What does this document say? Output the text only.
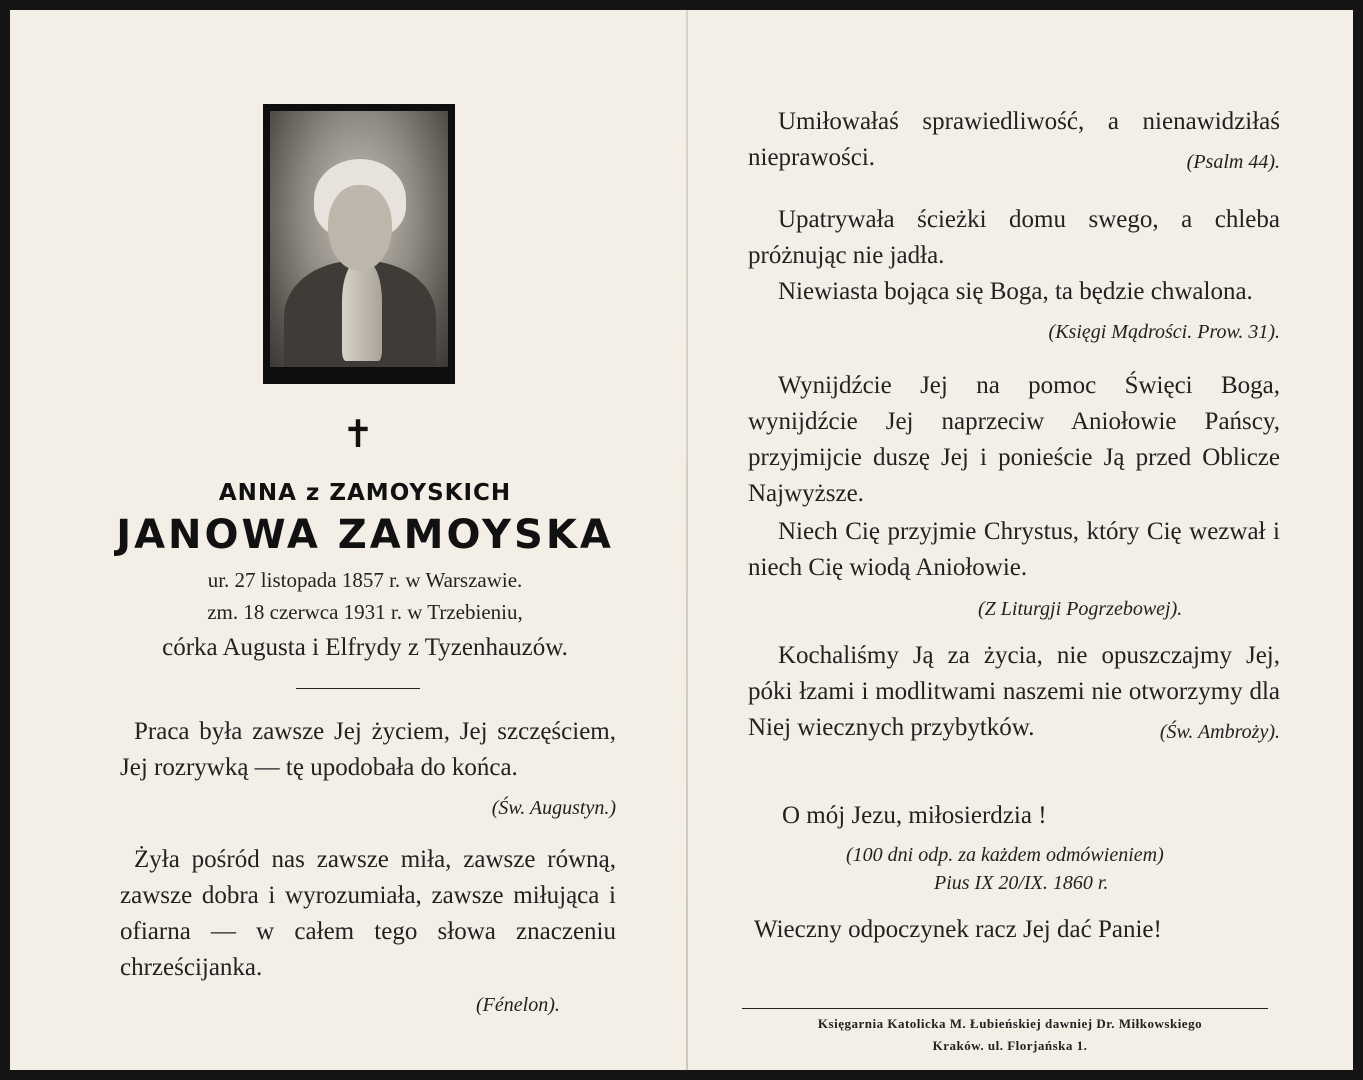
✝
ANNA z ZAMOYSKICH
JANOWA ZAMOYSKA
ur. 27 listopada 1857 r. w Warszawie.
zm. 18 czerwca 1931 r. w Trzebieniu,
córka Augusta i Elfrydy z Tyzenhauzów.
Praca była zawsze Jej życiem, Jej szczęściem, Jej rozrywką — tę upodobała do końca.
(Św. Augustyn.)
Żyła pośród nas zawsze miła, zawsze równą, zawsze dobra i wyrozumiała, zawsze miłująca i ofiarna — w całem tego słowa znaczeniu chrześcijanka.
(Fénelon).
Umiłowałaś sprawiedliwość, a nienawidziłaś nieprawości.	(Psalm 44).
Upatrywała ścieżki domu swego, a chleba próżnując nie jadła.
Niewiasta bojąca się Boga, ta będzie chwalona.
(Księgi Mądrości. Prow. 31).
Wynijdźcie Jej na pomoc Święci Boga, wynijdźcie Jej naprzeciw Aniołowie Pańscy, przyjmijcie duszę Jej i ponieście Ją przed Oblicze Najwyższe.
Niech Cię przyjmie Chrystus, który Cię wezwał i niech Cię wiodą Aniołowie.
(Z Liturgji Pogrzebowej).
Kochaliśmy Ją za życia, nie opuszczajmy Jej, póki łzami i modlitwami naszemi nie otworzymy dla Niej wiecznych przybytków.	(Św. Ambroży).
O mój Jezu, miłosierdzia !
(100 dni odp. za każdem odmówieniem)
Pius IX 20/IX. 1860 r.
Wieczny odpoczynek racz Jej dać Panie!
Księgarnia Katolicka M. Łubieńskiej dawniej Dr. Miłkowskiego
Kraków. ul. Florjańska 1.
